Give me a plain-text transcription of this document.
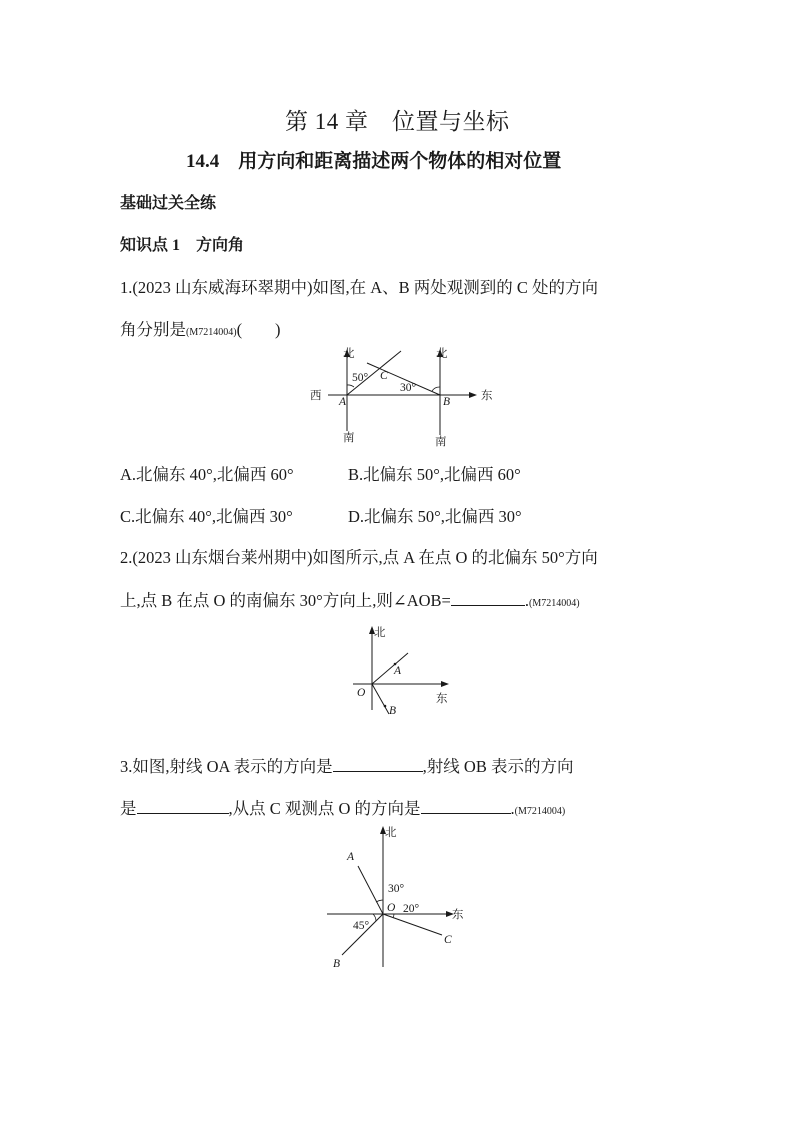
第 14 章　位置与坐标
14.4　用方向和距离描述两个物体的相对位置
基础过关全练
知识点 1　方向角
1.(2023 山东威海环翠期中)如图,在 A、B 两处观测到的 C 处的方向
角分别是(M7214004)(　　)
北	北
西	东
南	南
A	B
C
50°
30°
A.北偏东 40°,北偏西 60°	B.北偏东 50°,北偏西 60°
C.北偏东 40°,北偏西 30°	D.北偏东 50°,北偏西 30°
2.(2023 山东烟台莱州期中)如图所示,点 A 在点 O 的北偏东 50°方向
上,点 B 在点 O 的南偏东 30°方向上,则∠AOB=	.(M7214004)
北
东
O
A
B
3.如图,射线 OA 表示的方向是	,射线 OB 表示的方向
是	,从点 C 观测点 O 的方向是	.(M7214004)
北
东
O
A
B
C
30°
20°
45°
